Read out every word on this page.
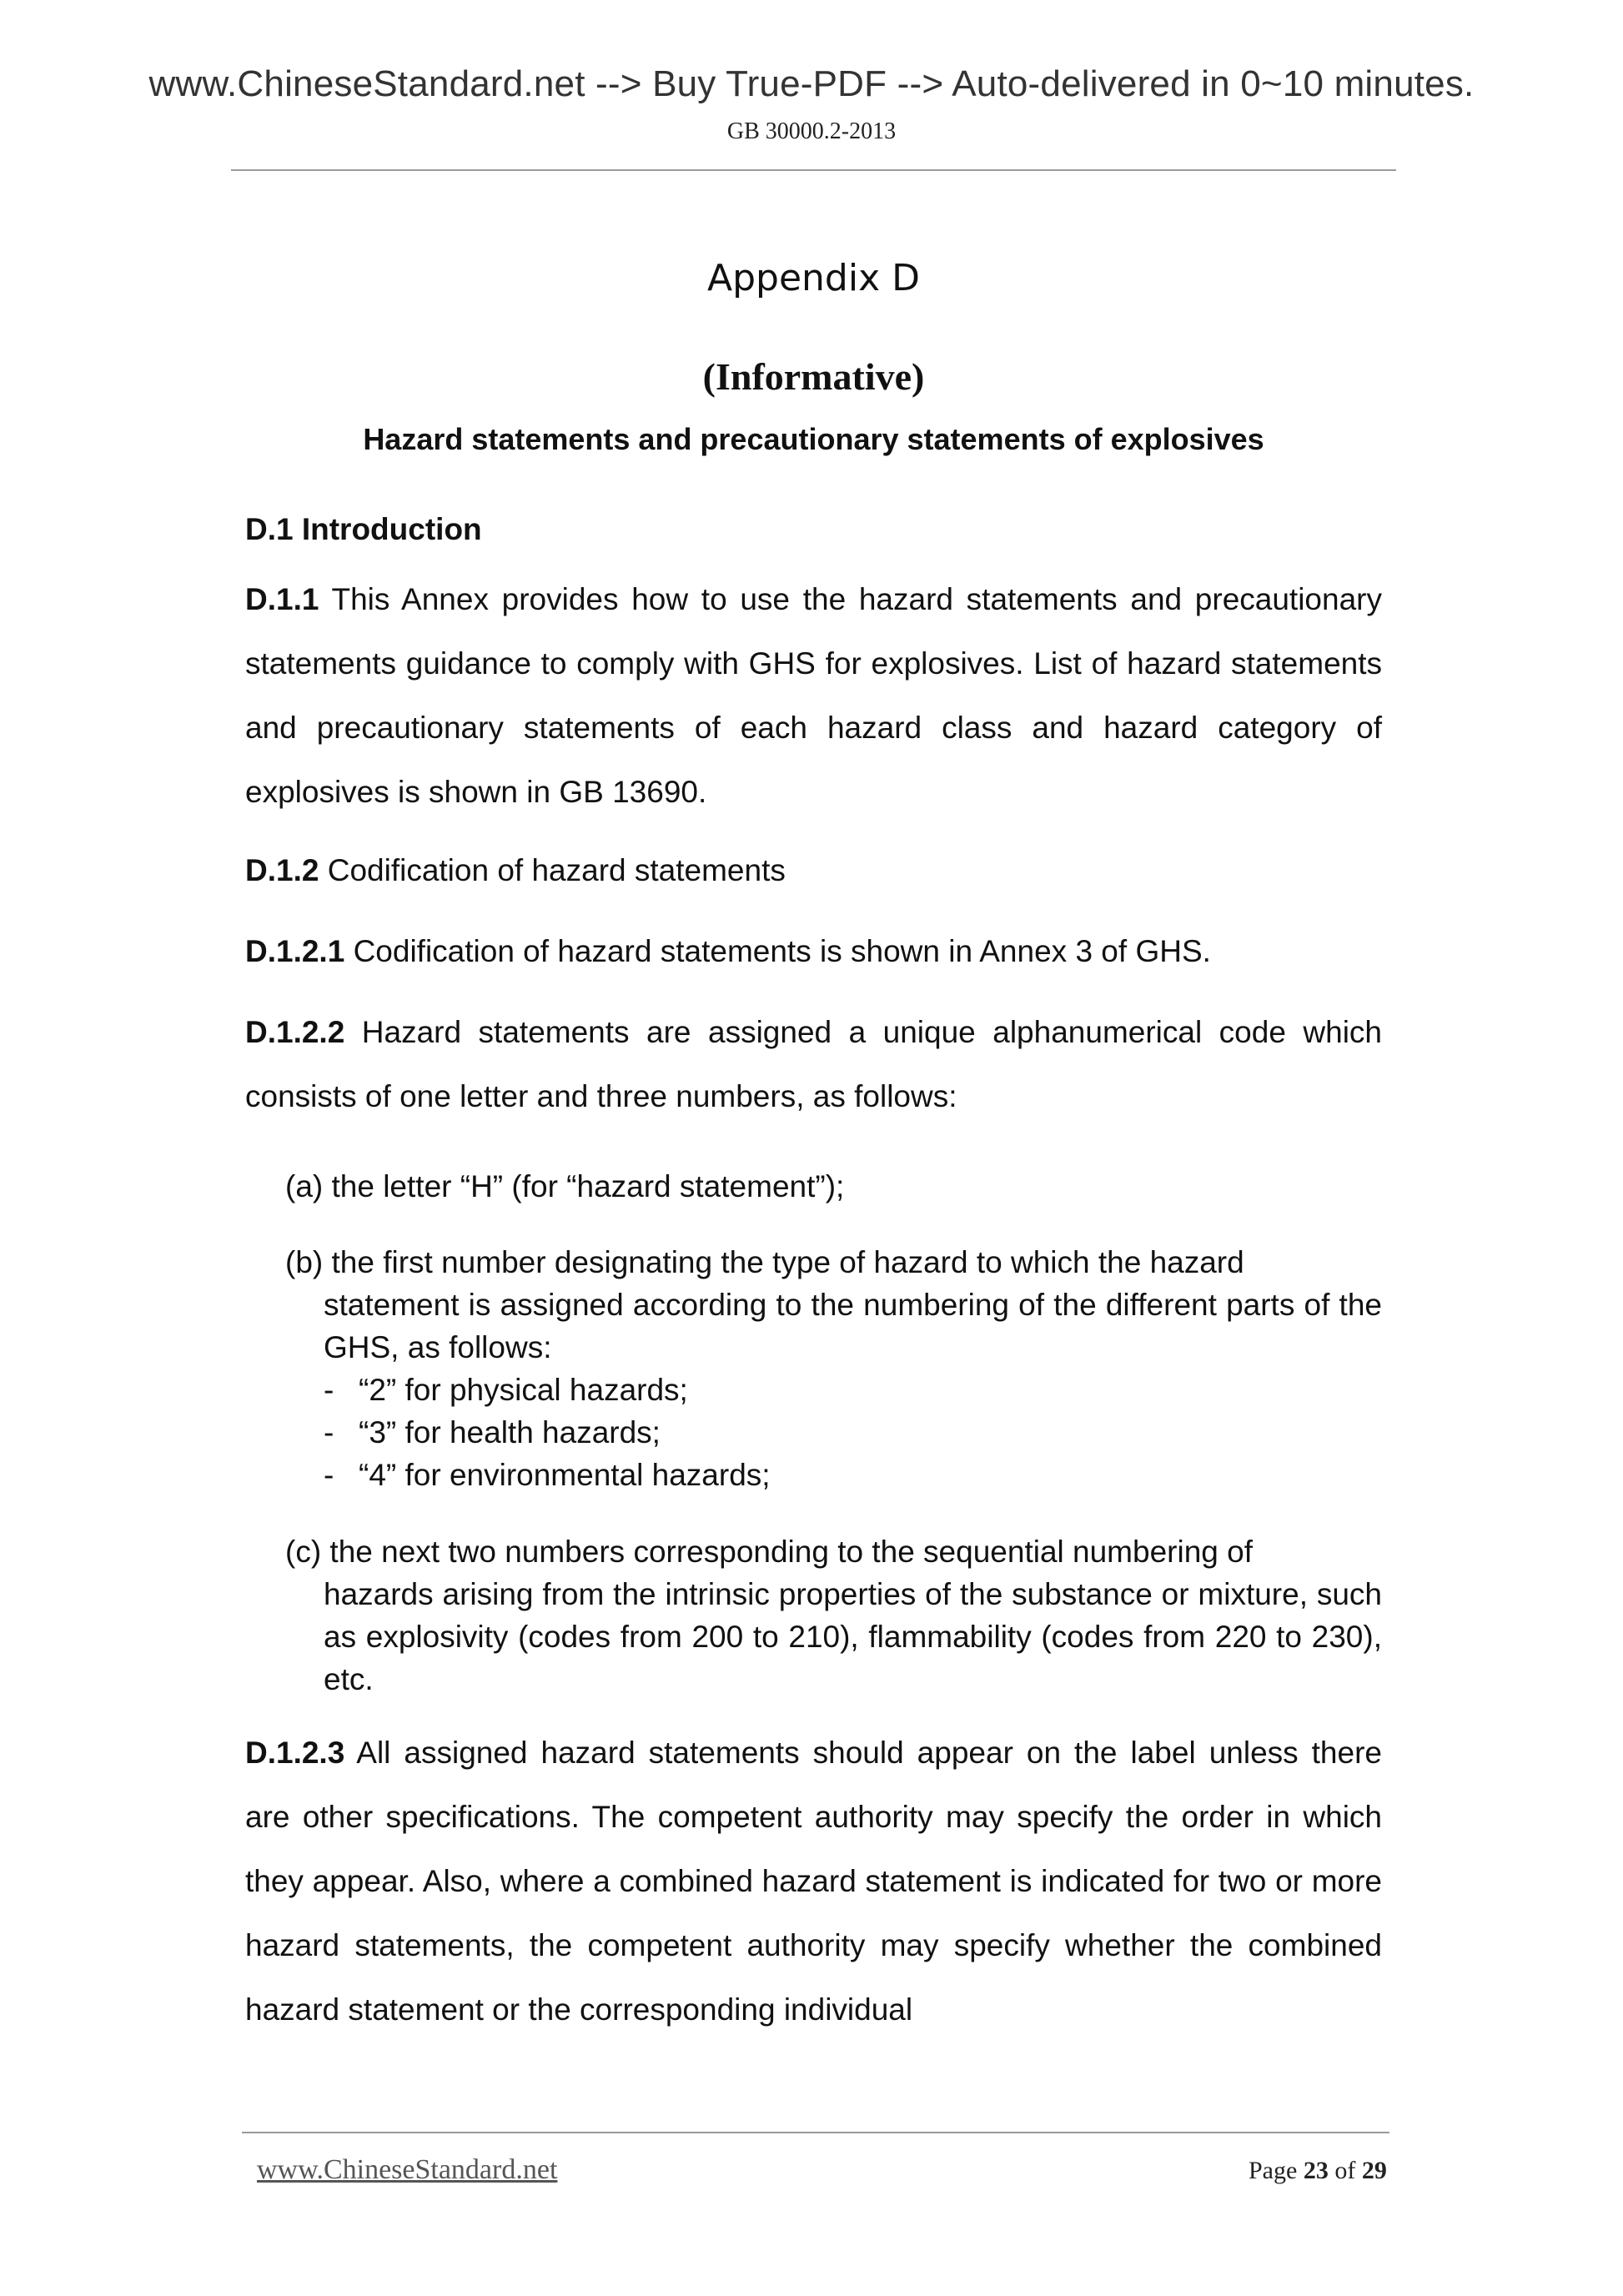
www.ChineseStandard.net --> Buy True-PDF --> Auto-delivered in 0~10 minutes.
GB 30000.2-2013
Appendix D
(Informative)
Hazard statements and precautionary statements of explosives
D.1 Introduction

D.1.1 This Annex provides how to use the hazard statements and precautionary statements guidance to comply with GHS for explosives. List of hazard statements and precautionary statements of each hazard class and hazard category of explosives is shown in GB 13690.

D.1.2 Codification of hazard statements

D.1.2.1 Codification of hazard statements is shown in Annex 3 of GHS.

D.1.2.2 Hazard statements are assigned a unique alphanumerical code which consists of one letter and three numbers, as follows:

(a) the letter “H” (for “hazard statement”);
(b) the first number designating the type of hazard to which the hazard
statement is assigned according to the numbering of the different parts of the GHS, as follows:
- “2” for physical hazards;
- “3” for health hazards;
- “4” for environmental hazards;
(c) the next two numbers corresponding to the sequential numbering of
hazards arising from the intrinsic properties of the substance or mixture, such as explosivity (codes from 200 to 210), flammability (codes from 220 to 230), etc.

D.1.2.3 All assigned hazard statements should appear on the label unless there are other specifications. The competent authority may specify the order in which they appear. Also, where a combined hazard statement is indicated for two or more hazard statements, the competent authority may specify whether the combined hazard statement or the corresponding individual

www.ChineseStandard.net	Page 23 of 29
